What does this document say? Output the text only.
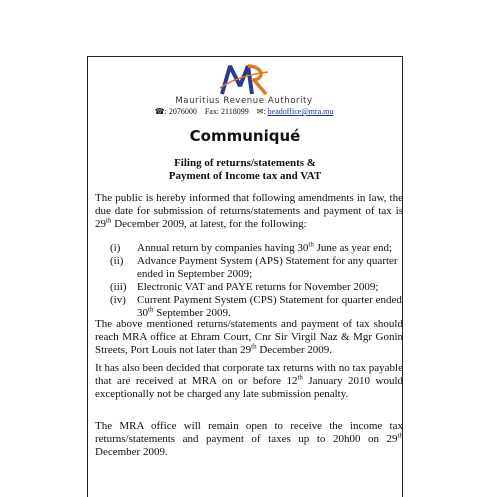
Mauritius Revenue Authority
☎: 2076000 Fax: 2118099 ✉: headoffice@mra.mu
Communiqué
Filing of returns/statements &
Payment of Income tax and VAT
The public is hereby informed that following amendments in law, the due date for submission of returns/statements and payment of tax is 29th December 2009, at latest, for the following:
(i)	Annual return by companies having 30th June as year end;
(ii)	Advance Payment System (APS) Statement for any quarter ended in September 2009;
(iii) Electronic VAT and PAYE returns for November 2009;
(iv)	Current Payment System (CPS) Statement for quarter ended 30th September 2009.
The above mentioned returns/statements and payment of tax should reach MRA office at Ehram Court, Cnr Sir Virgil Naz & Mgr Gonin Streets, Port Louis not later than 29th December 2009.
It has also been decided that corporate tax returns with no tax payable that are received at MRA on or before 12th January 2010 would exceptionally not be charged any late submission penalty.
The MRA office will remain open to receive the income tax returns/statements and payment of taxes up to 20h00 on 29th December 2009.
